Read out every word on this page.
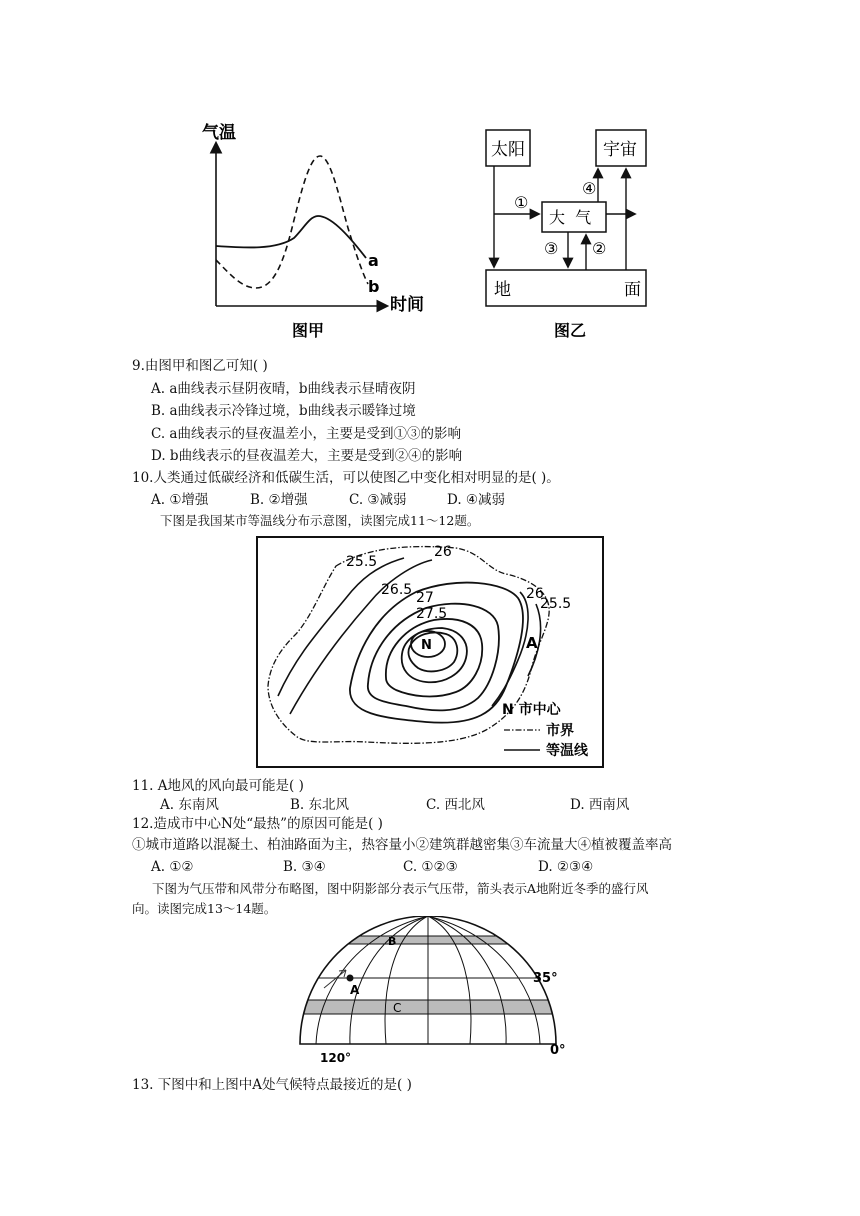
气温
时间
a
b
图甲
太阳	宇宙
大  气
地	面
①
④
③ ②
图乙
9.由图甲和图乙可知( )
A. a曲线表示昼阴夜晴，b曲线表示昼晴夜阴
B. a曲线表示冷锋过境，b曲线表示暖锋过境
C. a曲线表示的昼夜温差小，主要是受到①③的影响
D. b曲线表示的昼夜温差大，主要是受到②④的影响
10.人类通过低碳经济和低碳生活，可以使图乙中变化相对明显的是( )。
A. ①增强	B. ②增强	C. ③减弱	D. ④减弱
下图是我国某市等温线分布示意图，读图完成11～12题。
25.5
26
26.5 27
27.5
26
25.5
N	A
N 市中心
市界
等温线
11. A地风的风向最可能是( )
A. 东南风	B. 东北风	C. 西北风	D. 西南风
12.造成市中心N处“最热”的原因可能是( )
①城市道路以混凝土、柏油路面为主，热容量小②建筑群越密集③车流量大④植被覆盖率高
A. ①②	B. ③④	C. ①②③	D. ②③④
下图为气压带和风带分布略图，图中阴影部分表示气压带，箭头表示A地附近冬季的盛行风
向。读图完成13～14题。
A
B
C
35°
0°
120°
13. 下图中和上图中A处气候特点最接近的是( )
